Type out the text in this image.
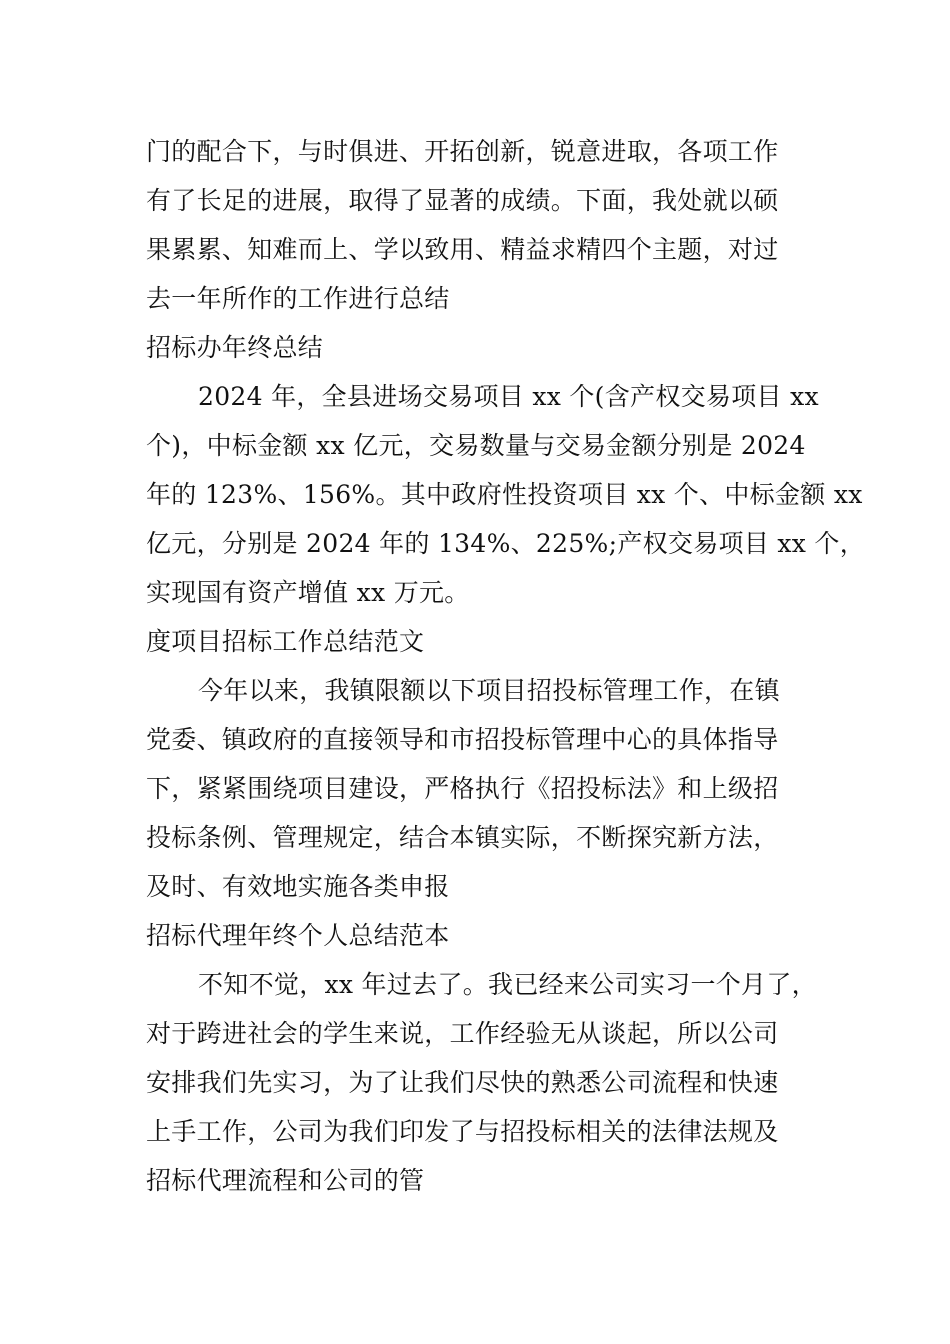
门的配合下，与时俱进、开拓创新，锐意进取，各项工作
有了长足的进展，取得了显著的成绩。下面，我处就以硕
果累累、知难而上、学以致用、精益求精四个主题，对过
去一年所作的工作进行总结
招标办年终总结
2024 年，全县进场交易项目 xx 个(含产权交易项目 xx
个)，中标金额 xx 亿元，交易数量与交易金额分别是 2024
年的 123%、156%。其中政府性投资项目 xx 个、中标金额 xx
亿元，分别是 2024 年的 134%、225%;产权交易项目 xx 个，
实现国有资产增值 xx 万元。
度项目招标工作总结范文
今年以来，我镇限额以下项目招投标管理工作，在镇
党委、镇政府的直接领导和市招投标管理中心的具体指导
下，紧紧围绕项目建设，严格执行《招投标法》和上级招
投标条例、管理规定，结合本镇实际，不断探究新方法，
及时、有效地实施各类申报
招标代理年终个人总结范本
不知不觉，xx 年过去了。我已经来公司实习一个月了，
对于跨进社会的学生来说，工作经验无从谈起，所以公司
安排我们先实习，为了让我们尽快的熟悉公司流程和快速
上手工作，公司为我们印发了与招投标相关的法律法规及
招标代理流程和公司的管
